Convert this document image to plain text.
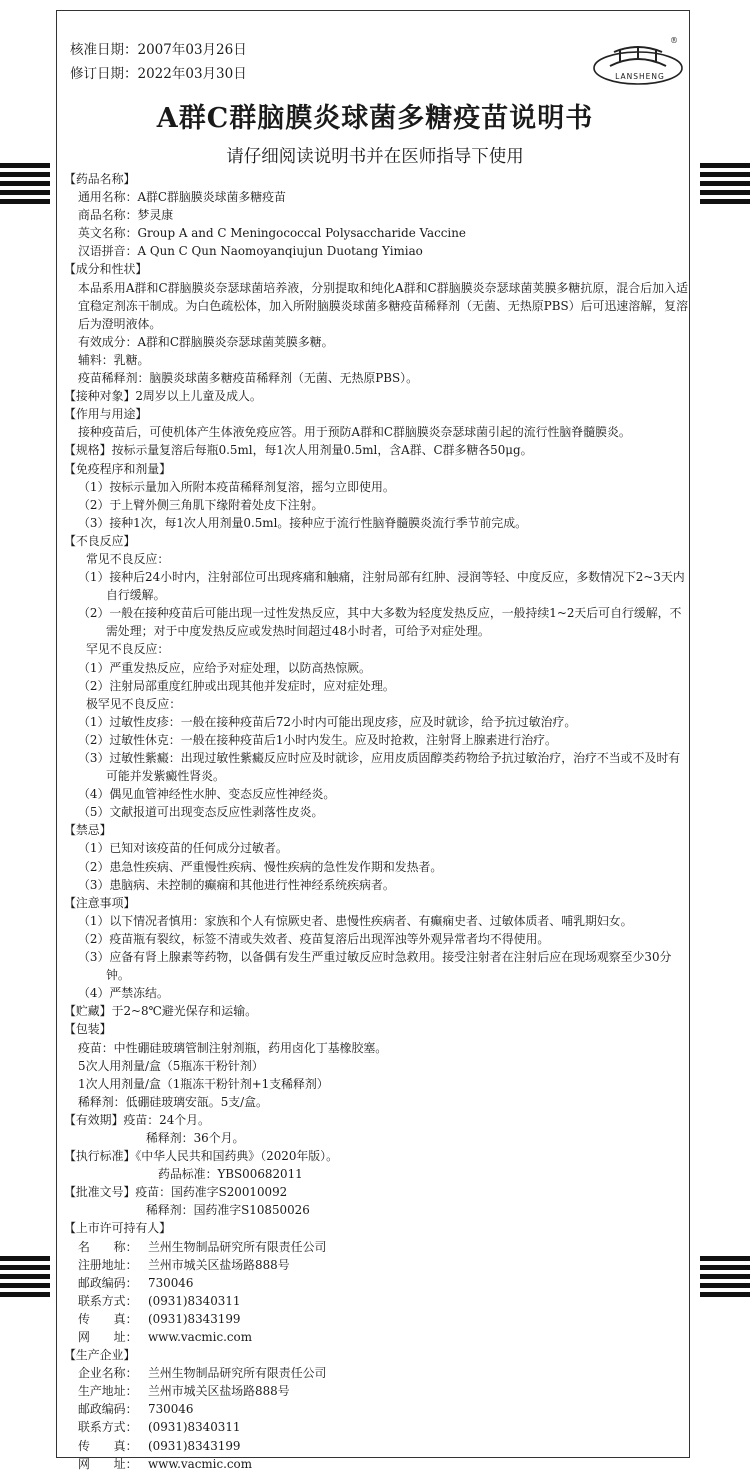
核准日期：2007年03月26日
修订日期：2022年03月30日
®
LANSHENG
A群C群脑膜炎球菌多糖疫苗说明书
请仔细阅读说明书并在医师指导下使用
【药品名称】
通用名称：A群C群脑膜炎球菌多糖疫苗
商品名称：梦灵康
英文名称：Group A and C Meningococcal Polysaccharide Vaccine
汉语拼音：A Qun C Qun Naomoyanqiujun Duotang Yimiao
【成分和性状】
本品系用A群和C群脑膜炎奈瑟球菌培养液，分别提取和纯化A群和C群脑膜炎奈瑟球菌荚膜多糖抗原，混合后加入适宜稳定剂冻干制成。为白色疏松体，加入所附脑膜炎球菌多糖疫苗稀释剂（无菌、无热原PBS）后可迅速溶解，复溶后为澄明液体。
有效成分：A群和C群脑膜炎奈瑟球菌荚膜多糖。
辅料：乳糖。
疫苗稀释剂：脑膜炎球菌多糖疫苗稀释剂（无菌、无热原PBS）。
【接种对象】2周岁以上儿童及成人。
【作用与用途】
接种疫苗后，可使机体产生体液免疫应答。用于预防A群和C群脑膜炎奈瑟球菌引起的流行性脑脊髓膜炎。
【规格】按标示量复溶后每瓶0.5ml，每1次人用剂量0.5ml，含A群、C群多糖各50μg。
【免疫程序和剂量】
（1）按标示量加入所附本疫苗稀释剂复溶，摇匀立即使用。
（2）于上臂外侧三角肌下缘附着处皮下注射。
（3）接种1次，每1次人用剂量0.5ml。接种应于流行性脑脊髓膜炎流行季节前完成。
【不良反应】
常见不良反应：
（1）接种后24小时内，注射部位可出现疼痛和触痛，注射局部有红肿、浸润等轻、中度反应，多数情况下2~3天内自行缓解。
（2）一般在接种疫苗后可能出现一过性发热反应，其中大多数为轻度发热反应，一般持续1~2天后可自行缓解，不需处理；对于中度发热反应或发热时间超过48小时者，可给予对症处理。
罕见不良反应：
（1）严重发热反应，应给予对症处理，以防高热惊厥。
（2）注射局部重度红肿或出现其他并发症时，应对症处理。
极罕见不良反应：
（1）过敏性皮疹：一般在接种疫苗后72小时内可能出现皮疹，应及时就诊，给予抗过敏治疗。
（2）过敏性休克：一般在接种疫苗后1小时内发生。应及时抢救，注射肾上腺素进行治疗。
（3）过敏性紫癜：出现过敏性紫癜反应时应及时就诊，应用皮质固醇类药物给予抗过敏治疗，治疗不当或不及时有可能并发紫癜性肾炎。
（4）偶见血管神经性水肿、变态反应性神经炎。
（5）文献报道可出现变态反应性剥落性皮炎。
【禁忌】
（1）已知对该疫苗的任何成分过敏者。
（2）患急性疾病、严重慢性疾病、慢性疾病的急性发作期和发热者。
（3）患脑病、未控制的癫痫和其他进行性神经系统疾病者。
【注意事项】
（1）以下情况者慎用：家族和个人有惊厥史者、患慢性疾病者、有癫痫史者、过敏体质者、哺乳期妇女。
（2）疫苗瓶有裂纹，标签不清或失效者、疫苗复溶后出现浑浊等外观异常者均不得使用。
（3）应备有肾上腺素等药物，以备偶有发生严重过敏反应时急救用。接受注射者在注射后应在现场观察至少30分钟。
（4）严禁冻结。
【贮藏】于2~8℃避光保存和运输。
【包装】
疫苗：中性硼硅玻璃管制注射剂瓶，药用卤化丁基橡胶塞。
5次人用剂量/盒（5瓶冻干粉针剂）
1次人用剂量/盒（1瓶冻干粉针剂+1支稀释剂）
稀释剂：低硼硅玻璃安瓿。5支/盒。
【有效期】疫苗：24个月。
稀释剂：36个月。
【执行标准】《中华人民共和国药典》（2020年版）。
药品标准：YBS00682011
【批准文号】疫苗：国药准字S20010092
稀释剂：国药准字S10850026
【上市许可持有人】
名　　称： 兰州生物制品研究所有限责任公司
注册地址： 兰州市城关区盐场路888号
邮政编码： 730046
联系方式： (0931)8340311
传　　真： (0931)8343199
网　　址： www.vacmic.com
【生产企业】
企业名称： 兰州生物制品研究所有限责任公司
生产地址： 兰州市城关区盐场路888号
邮政编码： 730046
联系方式： (0931)8340311
传　　真： (0931)8343199
网　　址： www.vacmic.com
